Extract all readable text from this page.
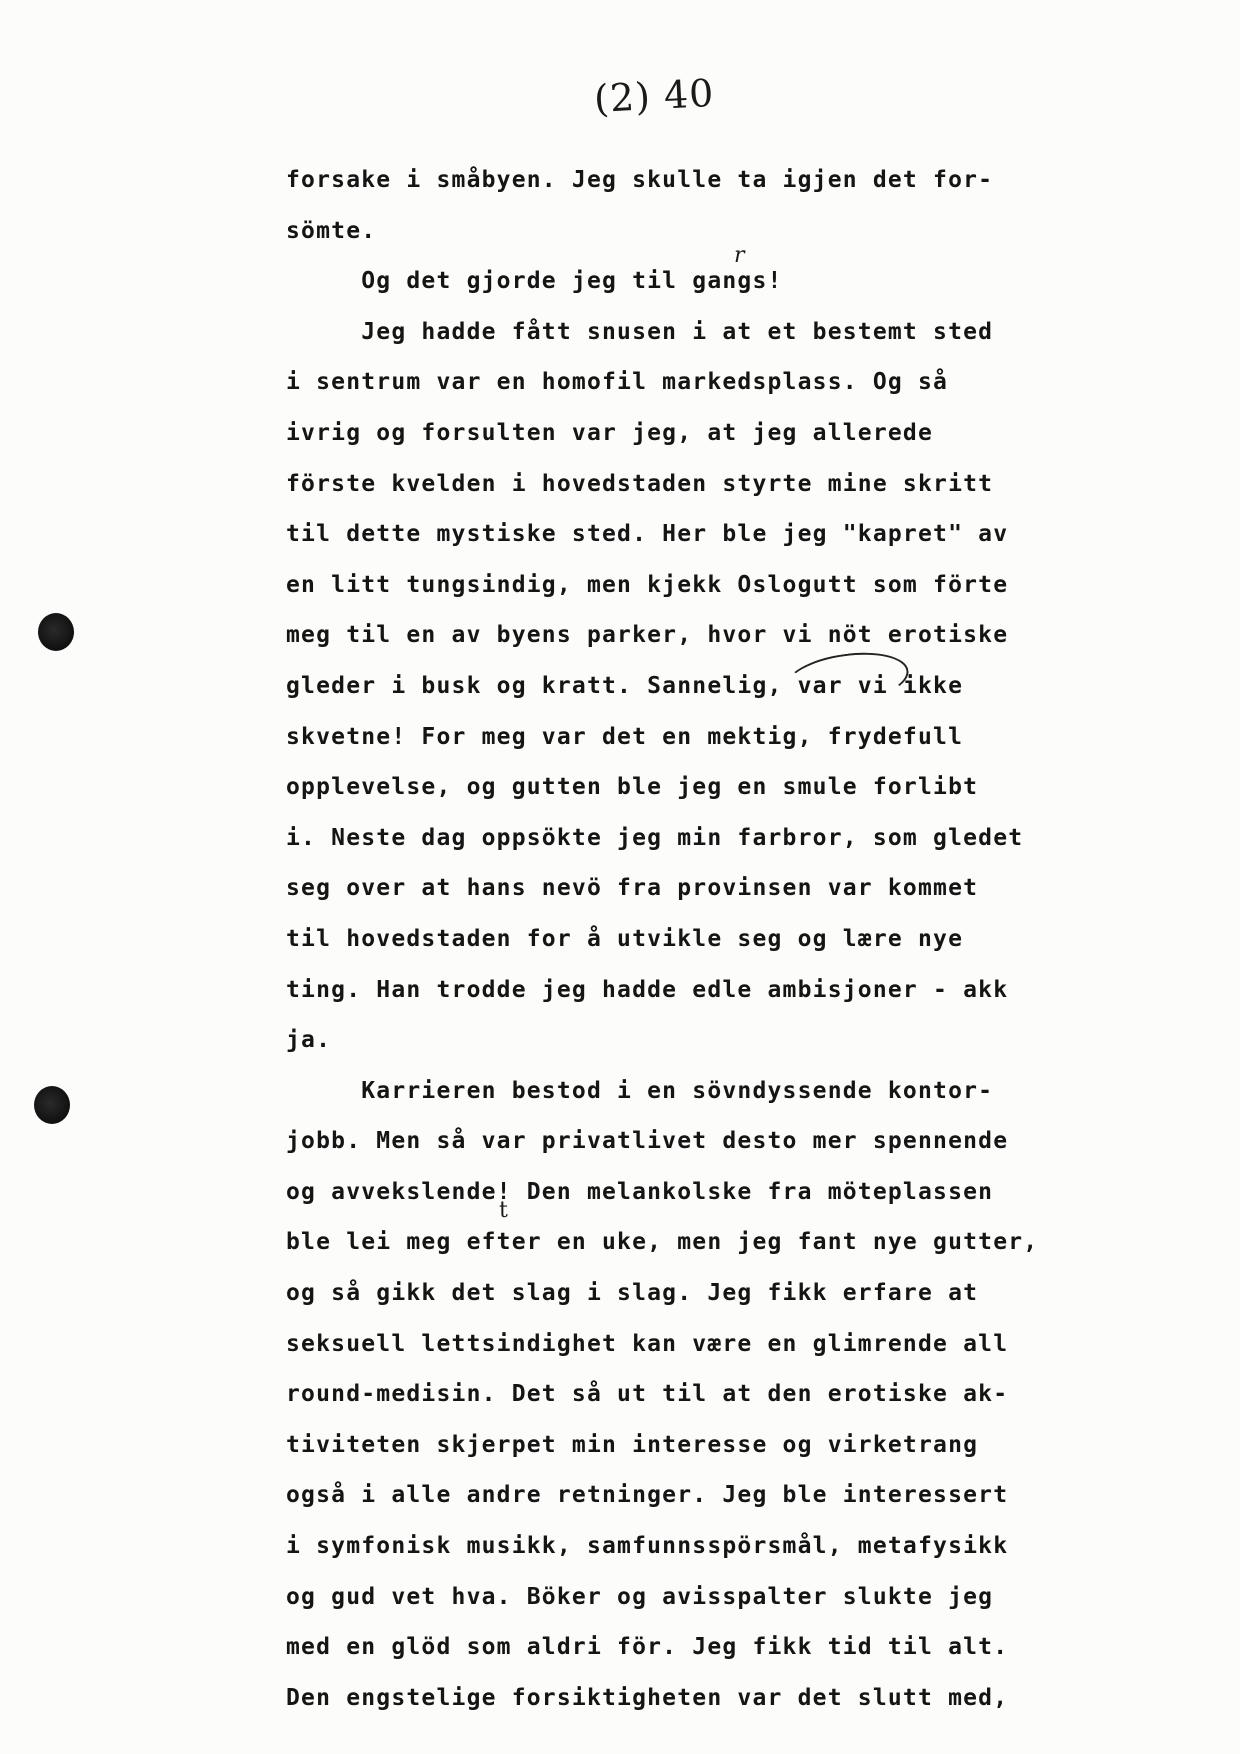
(2) 40
r
t
forsake i småbyen. Jeg skulle ta igjen det for-
sömte.
Og det gjorde jeg til gangs!
Jeg hadde fått snusen i at et bestemt sted
i sentrum var en homofil markedsplass. Og så
ivrig og forsulten var jeg, at jeg allerede
förste kvelden i hovedstaden styrte mine skritt
til dette mystiske sted. Her ble jeg "kapret" av
en litt tungsindig, men kjekk Oslogutt som förte
meg til en av byens parker, hvor vi nöt erotiske
gleder i busk og kratt. Sannelig, var vi ikke
skvetne! For meg var det en mektig, frydefull
opplevelse, og gutten ble jeg en smule forlibt
i. Neste dag oppsökte jeg min farbror, som gledet
seg over at hans nevö fra provinsen var kommet
til hovedstaden for å utvikle seg og lære nye
ting. Han trodde jeg hadde edle ambisjoner - akk
ja.
Karrieren bestod i en sövndyssende kontor-
jobb. Men så var privatlivet desto mer spennende
og avvekslende! Den melankolske fra möteplassen
ble lei meg efter en uke, men jeg fant nye gutter,
og så gikk det slag i slag. Jeg fikk erfare at
seksuell lettsindighet kan være en glimrende all
round-medisin. Det så ut til at den erotiske ak-
tiviteten skjerpet min interesse og virketrang
også i alle andre retninger. Jeg ble interessert
i symfonisk musikk, samfunnsspörsmål, metafysikk
og gud vet hva. Böker og avisspalter slukte jeg
med en glöd som aldri för. Jeg fikk tid til alt.
Den engstelige forsiktigheten var det slutt med,
